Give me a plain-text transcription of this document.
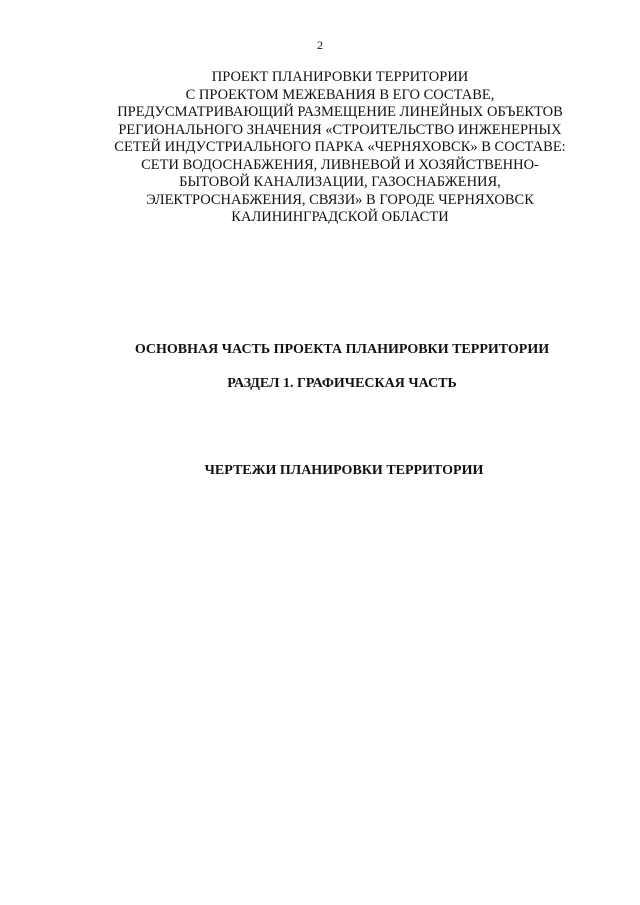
2
ПРОЕКТ ПЛАНИРОВКИ ТЕРРИТОРИИ
С ПРОЕКТОМ МЕЖЕВАНИЯ В ЕГО СОСТАВЕ,
ПРЕДУСМАТРИВАЮЩИЙ РАЗМЕЩЕНИЕ ЛИНЕЙНЫХ ОБЪЕКТОВ
РЕГИОНАЛЬНОГО ЗНАЧЕНИЯ «СТРОИТЕЛЬСТВО ИНЖЕНЕРНЫХ
СЕТЕЙ ИНДУСТРИАЛЬНОГО ПАРКА «ЧЕРНЯХОВСК» В СОСТАВЕ:
СЕТИ ВОДОСНАБЖЕНИЯ, ЛИВНЕВОЙ И ХОЗЯЙСТВЕННО-
БЫТОВОЙ КАНАЛИЗАЦИИ, ГАЗОСНАБЖЕНИЯ,
ЭЛЕКТРОСНАБЖЕНИЯ, СВЯЗИ» В ГОРОДЕ ЧЕРНЯХОВСК
КАЛИНИНГРАДСКОЙ ОБЛАСТИ
ОСНОВНАЯ ЧАСТЬ ПРОЕКТА ПЛАНИРОВКИ ТЕРРИТОРИИ
РАЗДЕЛ 1. ГРАФИЧЕСКАЯ ЧАСТЬ
ЧЕРТЕЖИ ПЛАНИРОВКИ ТЕРРИТОРИИ
